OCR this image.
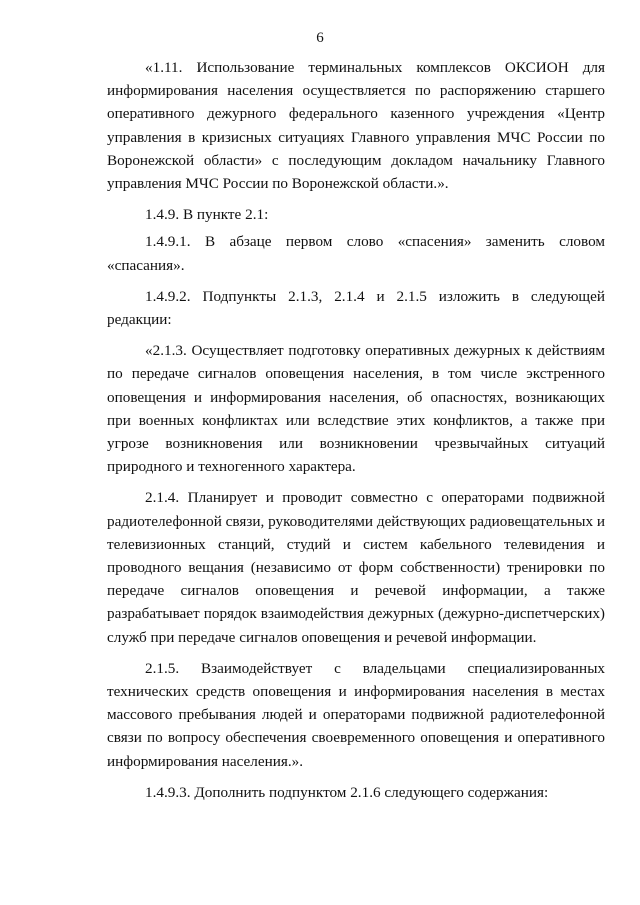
6

«1.11. Использование терминальных комплексов ОКСИОН для информирования населения осуществляется по распоряжению старшего оперативного дежурного федерального казенного учреждения «Центр управления в кризисных ситуациях Главного управления МЧС России по Воронежской области» с последующим докладом начальнику Главного управления МЧС России по Воронежской области.».

1.4.9. В пункте 2.1:

1.4.9.1. В абзаце первом слово «спасения» заменить словом «спасания».

1.4.9.2. Подпункты 2.1.3, 2.1.4 и 2.1.5 изложить в следующей редакции:

«2.1.3. Осуществляет подготовку оперативных дежурных к действиям по передаче сигналов оповещения населения, в том числе экстренного оповещения и информирования населения, об опасностях, возникающих при военных конфликтах или вследствие этих конфликтов, а также при угрозе возникновения или возникновении чрезвычайных ситуаций природного и техногенного характера.

2.1.4. Планирует и проводит совместно с операторами подвижной радиотелефонной связи, руководителями действующих радиовещательных и телевизионных станций, студий и систем кабельного телевидения и проводного вещания (независимо от форм собственности) тренировки по передаче сигналов оповещения и речевой информации, а также разрабатывает порядок взаимодействия дежурных (дежурно-диспетчерских) служб при передаче сигналов оповещения и речевой информации.

2.1.5. Взаимодействует с владельцами специализированных технических средств оповещения и информирования населения в местах массового пребывания людей и операторами подвижной радиотелефонной связи по вопросу обеспечения своевременного оповещения и оперативного информирования населения.».

1.4.9.3. Дополнить подпунктом 2.1.6 следующего содержания:
